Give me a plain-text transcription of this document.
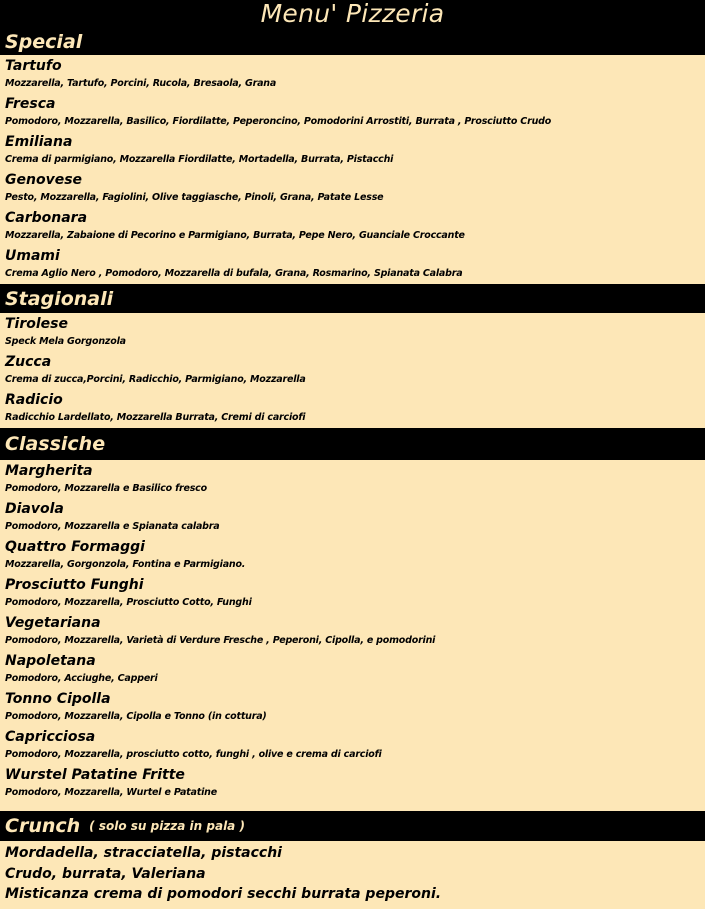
Menu' Pizzeria
Special
Tartufo
Mozzarella, Tartufo, Porcini, Rucola, Bresaola, Grana
Fresca
Pomodoro, Mozzarella, Basilico, Fiordilatte, Peperoncino, Pomodorini Arrostiti, Burrata , Prosciutto Crudo
Emiliana
Crema di parmigiano, Mozzarella Fiordilatte, Mortadella, Burrata, Pistacchi
Genovese
Pesto, Mozzarella, Fagiolini, Olive taggiasche, Pinoli, Grana, Patate Lesse
Carbonara
Mozzarella, Zabaione di Pecorino e Parmigiano, Burrata, Pepe Nero, Guanciale Croccante
Umami
Crema Aglio Nero , Pomodoro, Mozzarella di bufala, Grana, Rosmarino, Spianata Calabra
Stagionali
Tirolese
Speck Mela Gorgonzola
Zucca
Crema di zucca,Porcini, Radicchio, Parmigiano, Mozzarella
Radicio
Radicchio Lardellato, Mozzarella Burrata, Cremi di carciofi
Classiche
Margherita
Pomodoro, Mozzarella e Basilico fresco
Diavola
Pomodoro, Mozzarella e Spianata calabra
Quattro Formaggi
Mozzarella, Gorgonzola, Fontina e Parmigiano.
Prosciutto Funghi
Pomodoro, Mozzarella, Prosciutto Cotto, Funghi
Vegetariana
Pomodoro, Mozzarella, Varietà di Verdure Fresche , Peperoni, Cipolla, e pomodorini
Napoletana
Pomodoro, Acciughe, Capperi
Tonno Cipolla
Pomodoro, Mozzarella, Cipolla e Tonno (in cottura)
Capricciosa
Pomodoro, Mozzarella, prosciutto cotto, funghi , olive e crema di carciofi
Wurstel Patatine Fritte
Pomodoro, Mozzarella, Wurtel e Patatine
Crunch ( solo su pizza in pala )
Mordadella, stracciatella, pistacchi
Crudo, burrata, Valeriana
Misticanza crema di pomodori secchi burrata peperoni.
